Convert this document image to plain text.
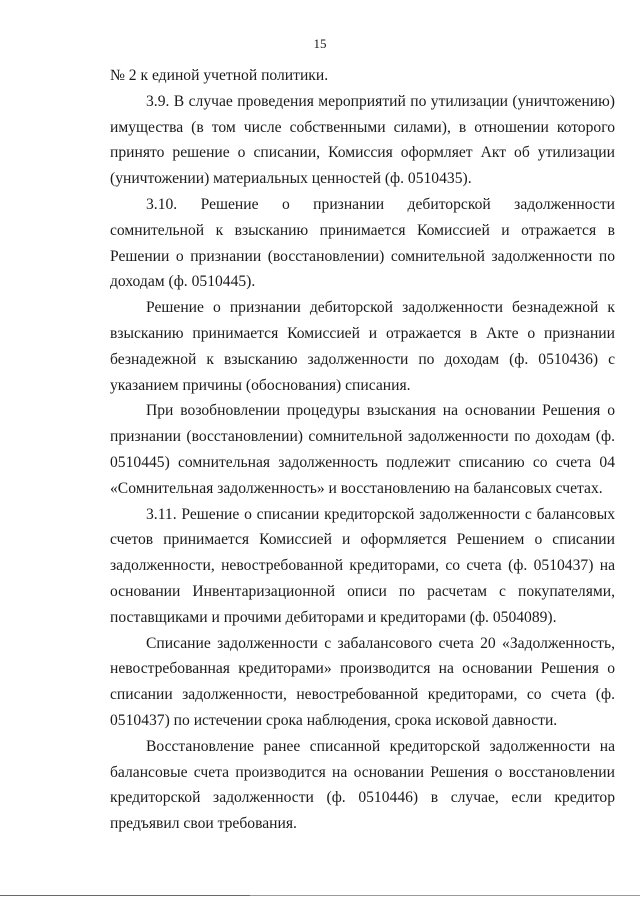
15

№ 2 к единой учетной политики.

3.9. В случае проведения мероприятий по утилизации (уничтожению) имущества (в том числе собственными силами), в отношении которого принято решение о списании, Комиссия оформляет Акт об утилизации (уничтожении) материальных ценностей (ф. 0510435).

3.10. Решение о признании дебиторской задолженности сомнительной к взысканию принимается Комиссией и отражается в Решении о признании (восстановлении) сомнительной задолженности по доходам (ф. 0510445).

Решение о признании дебиторской задолженности безнадежной к взысканию принимается Комиссией и отражается в Акте о признании безнадежной к взысканию задолженности по доходам (ф. 0510436) с указанием причины (обоснования) списания.

При возобновлении процедуры взыскания на основании Решения о признании (восстановлении) сомнительной задолженности по доходам (ф. 0510445) сомнительная задолженность подлежит списанию со счета 04 «Сомнительная задолженность» и восстановлению на балансовых счетах.

3.11. Решение о списании кредиторской задолженности с балансовых счетов принимается Комиссией и оформляется Решением о списании задолженности, невостребованной кредиторами, со счета (ф. 0510437) на основании Инвентаризационной описи по расчетам с покупателями, поставщиками и прочими дебиторами и кредиторами (ф. 0504089).

Списание задолженности с забалансового счета 20 «Задолженность, невостребованная кредиторами» производится на основании Решения о списании задолженности, невостребованной кредиторами, со счета (ф. 0510437) по истечении срока наблюдения, срока исковой давности.

Восстановление ранее списанной кредиторской задолженности на балансовые счета производится на основании Решения о восстановлении кредиторской задолженности (ф. 0510446) в случае, если кредитор предъявил свои требования.
